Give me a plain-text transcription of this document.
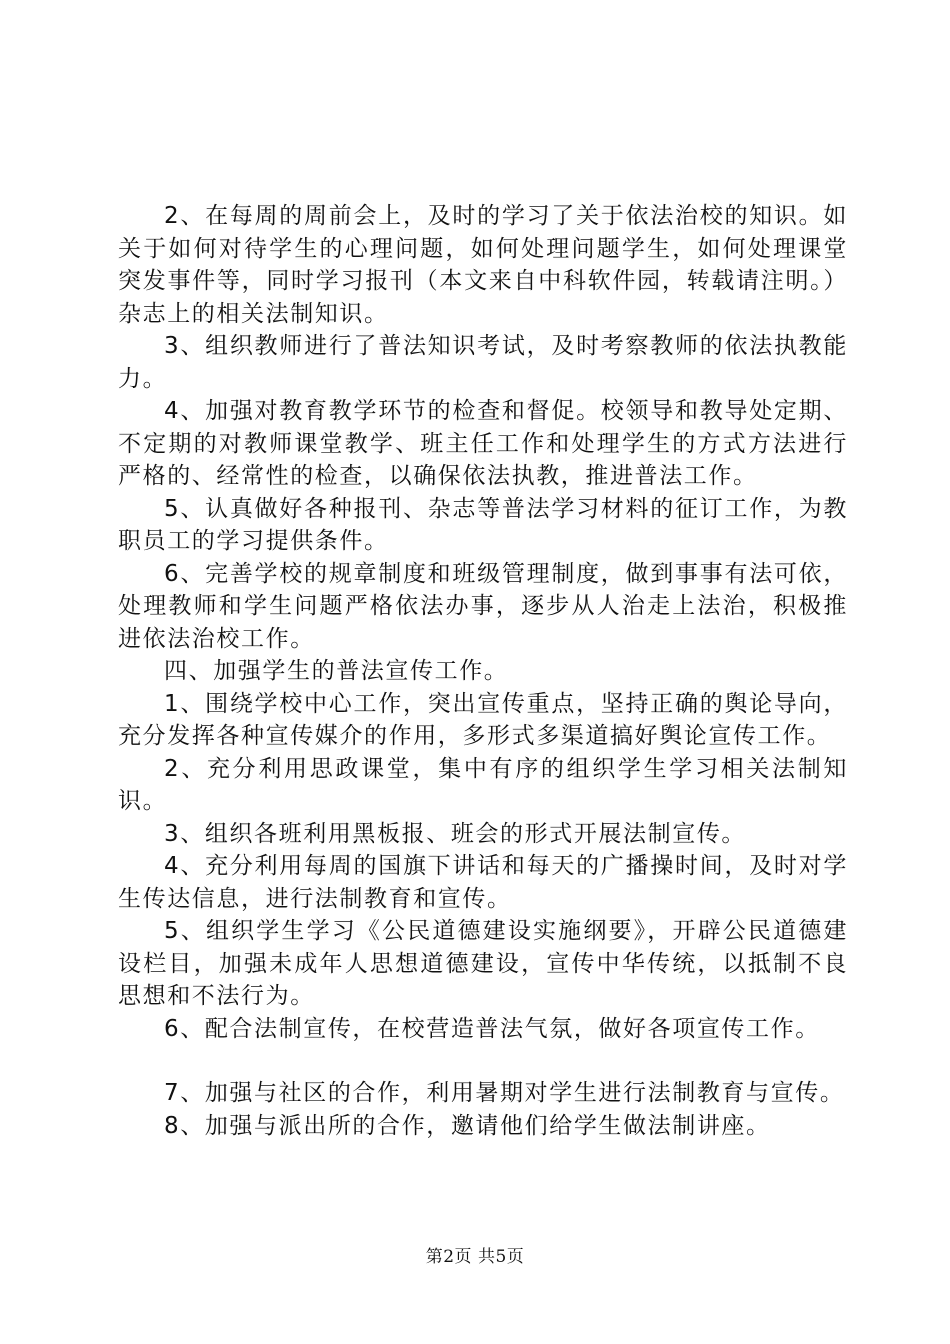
2、在每周的周前会上，及时的学习了关于依法治校的知识。如关于如何对待学生的心理问题，如何处理问题学生，如何处理课堂突发事件等，同时学习报刊（本文来自中科软件园，转载请注明。）杂志上的相关法制知识。

3、组织教师进行了普法知识考试，及时考察教师的依法执教能力。

4、加强对教育教学环节的检查和督促。校领导和教导处定期、不定期的对教师课堂教学、班主任工作和处理学生的方式方法进行严格的、经常性的检查，以确保依法执教，推进普法工作。

5、认真做好各种报刊、杂志等普法学习材料的征订工作，为教职员工的学习提供条件。

6、完善学校的规章制度和班级管理制度，做到事事有法可依，处理教师和学生问题严格依法办事，逐步从人治走上法治，积极推进依法治校工作。

四、加强学生的普法宣传工作。

1、围绕学校中心工作，突出宣传重点，坚持正确的舆论导向，充分发挥各种宣传媒介的作用，多形式多渠道搞好舆论宣传工作。

2、充分利用思政课堂，集中有序的组织学生学习相关法制知识。

3、组织各班利用黑板报、班会的形式开展法制宣传。

4、充分利用每周的国旗下讲话和每天的广播操时间，及时对学生传达信息，进行法制教育和宣传。

5、组织学生学习《公民道德建设实施纲要》，开辟公民道德建设栏目，加强未成年人思想道德建设，宣传中华传统，以抵制不良思想和不法行为。

6、配合法制宣传，在校营造普法气氛，做好各项宣传工作。

7、加强与社区的合作，利用暑期对学生进行法制教育与宣传。

8、加强与派出所的合作，邀请他们给学生做法制讲座。

第2页 共5页
